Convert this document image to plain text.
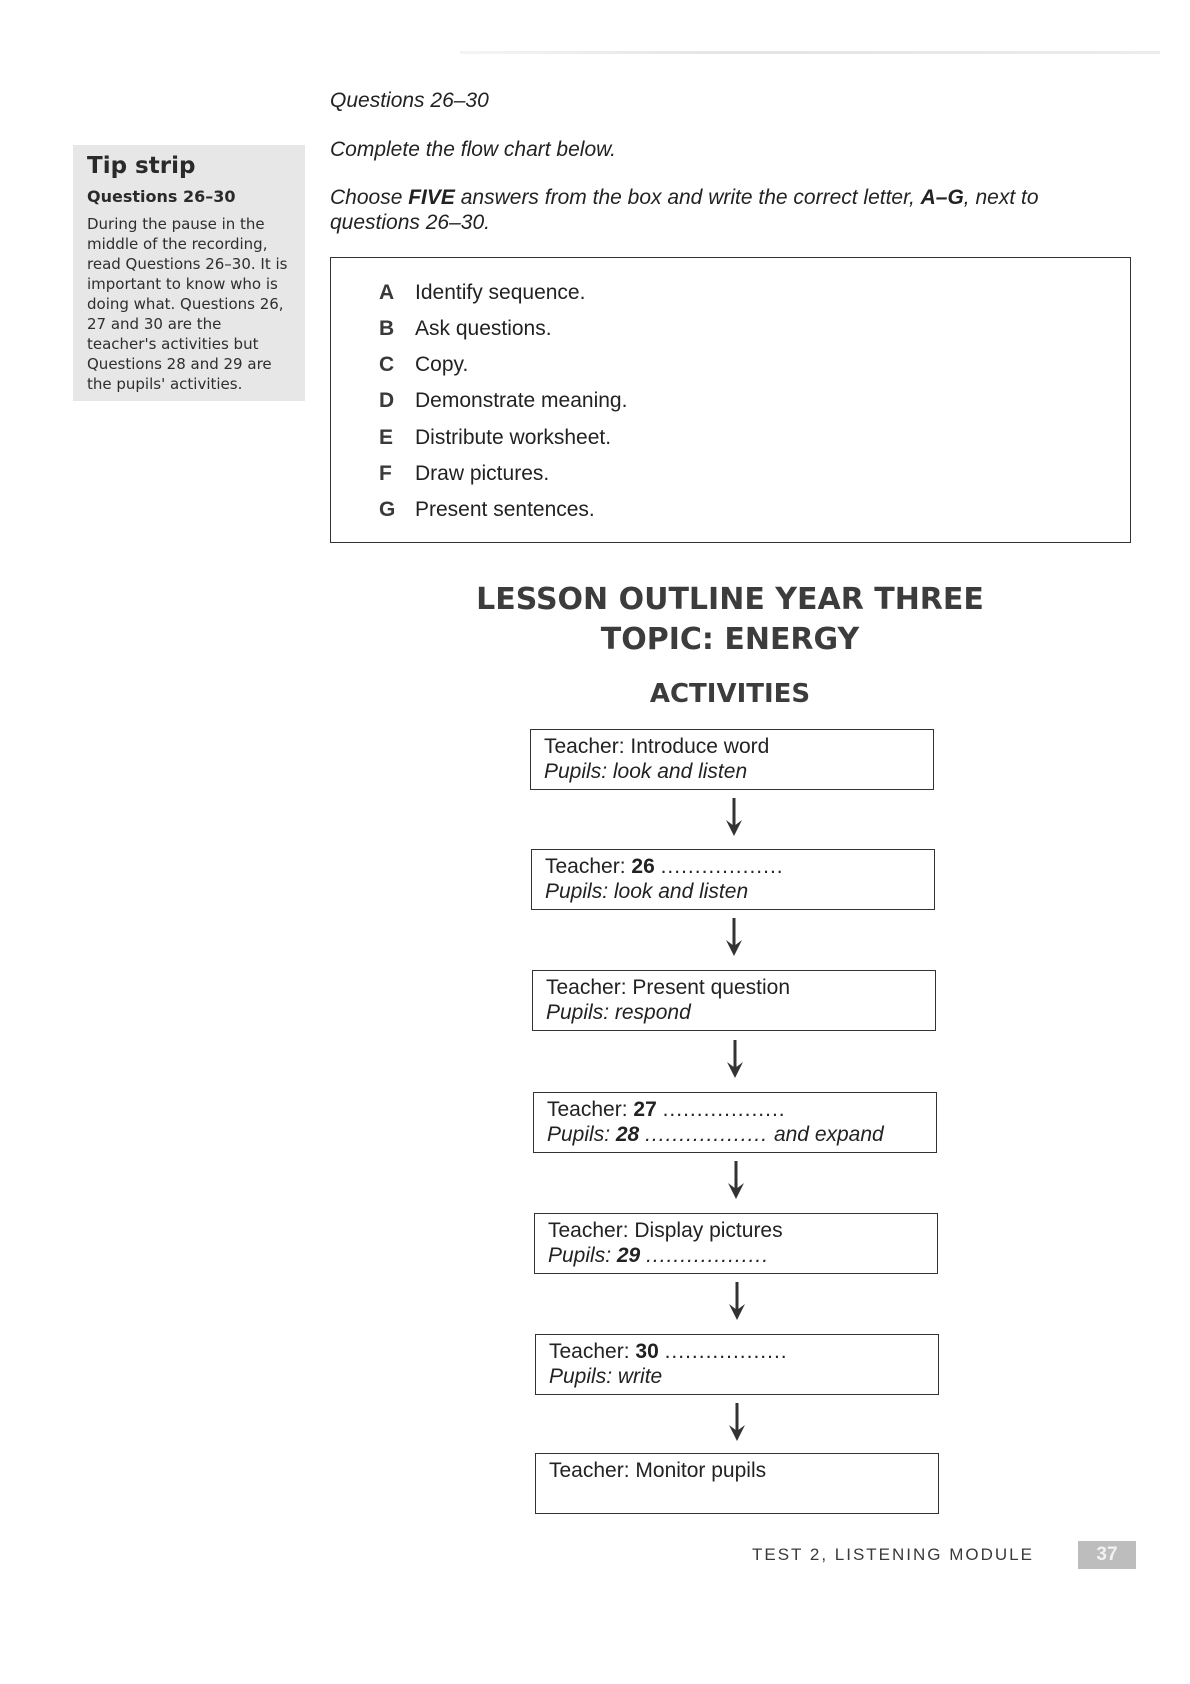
Tip strip
Questions 26–30
During the pause in the middle of the recording, read Questions 26–30. It is important to know who is doing what. Questions 26, 27 and 30 are the teacher's activities but Questions 28 and 29 are the pupils' activities.
Questions 26–30
Complete the flow chart below.
Choose FIVE answers from the box and write the correct letter, A–G, next to questions 26–30.
A Identify sequence.
B Ask questions.
C Copy.
D Demonstrate meaning.
E Distribute worksheet.
F Draw pictures.
G Present sentences.
LESSON OUTLINE YEAR THREE
TOPIC: ENERGY
ACTIVITIES
Teacher: Introduce word
Pupils: look and listen
Teacher: 26 ..................
Pupils: look and listen
Teacher: Present question
Pupils: respond
Teacher: 27 ..................
Pupils: 28 .................. and expand
Teacher: Display pictures
Pupils: 29 ..................
Teacher: 30 ..................
Pupils: write
Teacher: Monitor pupils
TEST 2, LISTENING MODULE	37
